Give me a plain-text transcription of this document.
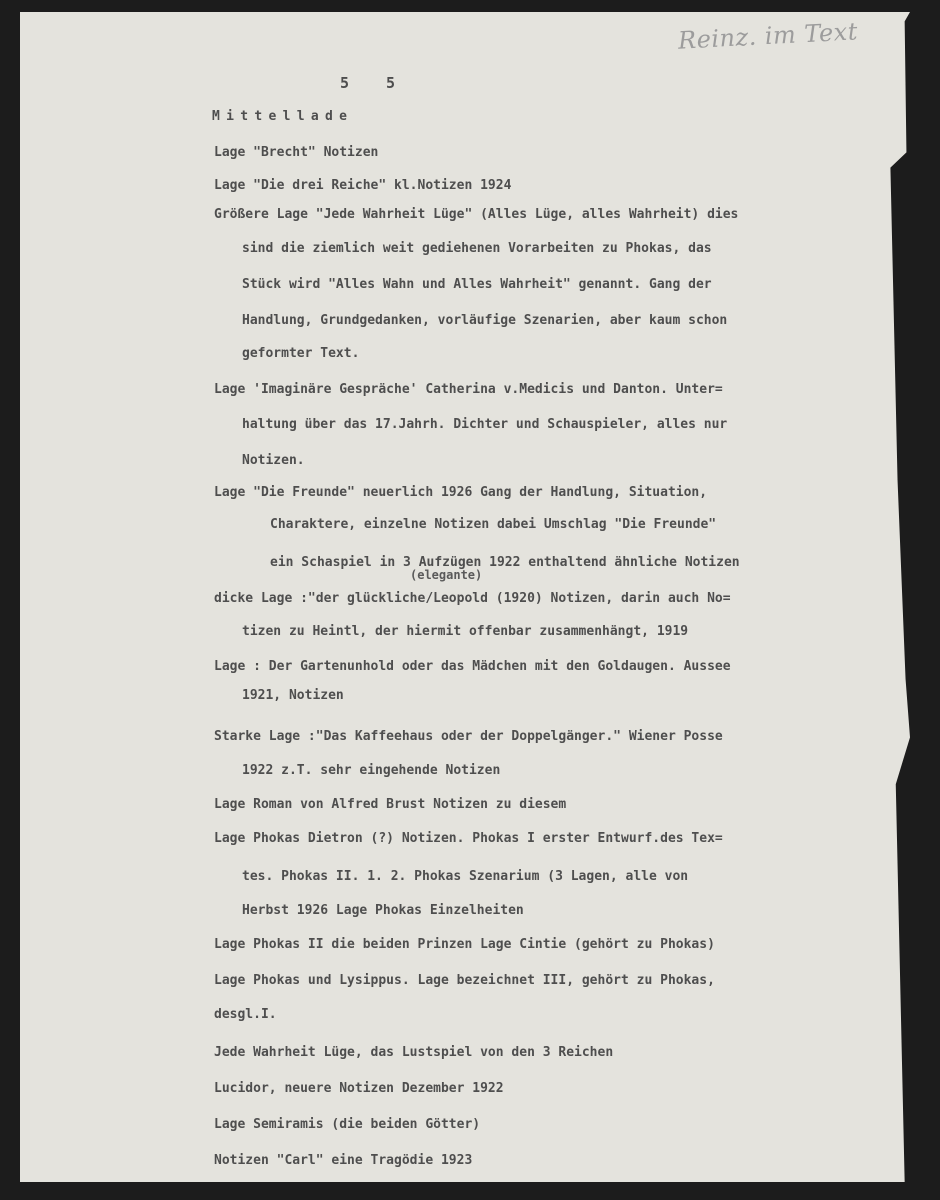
Reinz. im Text
5 5
Mittellade
Lage "Brecht" Notizen
Lage "Die drei Reiche" kl.Notizen 1924
Größere Lage "Jede Wahrheit Lüge" (Alles Lüge, alles Wahrheit) dies
sind die ziemlich weit gediehenen Vorarbeiten zu Phokas, das
Stück wird "Alles Wahn und Alles Wahrheit" genannt. Gang der
Handlung, Grundgedanken, vorläufige Szenarien, aber kaum schon
geformter Text.
Lage 'Imaginäre Gespräche' Catherina v.Medicis und Danton. Unter=
haltung über das 17.Jahrh. Dichter und Schauspieler, alles nur
Notizen.
Lage "Die Freunde" neuerlich 1926 Gang der Handlung, Situation,
Charaktere, einzelne Notizen dabei Umschlag "Die Freunde"
ein Schaspiel in 3 Aufzügen 1922 enthaltend ähnliche Notizen
(elegante)
dicke Lage :"der glückliche/Leopold (1920) Notizen, darin auch No=
tizen zu Heintl, der hiermit offenbar zusammenhängt, 1919
Lage : Der Gartenunhold oder das Mädchen mit den Goldaugen. Aussee
1921, Notizen
Starke Lage :"Das Kaffeehaus oder der Doppelgänger." Wiener Posse
1922 z.T. sehr eingehende Notizen
Lage Roman von Alfred Brust Notizen zu diesem
Lage Phokas Dietron (?) Notizen. Phokas I erster Entwurf.des Tex=
tes. Phokas II. 1. 2. Phokas Szenarium (3 Lagen, alle von
Herbst 1926 Lage Phokas Einzelheiten
Lage Phokas II die beiden Prinzen Lage Cintie (gehört zu Phokas)
Lage Phokas und Lysippus. Lage bezeichnet III, gehört zu Phokas,
desgl.I.
Jede Wahrheit Lüge, das Lustspiel von den 3 Reichen
Lucidor, neuere Notizen Dezember 1922
Lage Semiramis (die beiden Götter)
Notizen "Carl" eine Tragödie 1923
